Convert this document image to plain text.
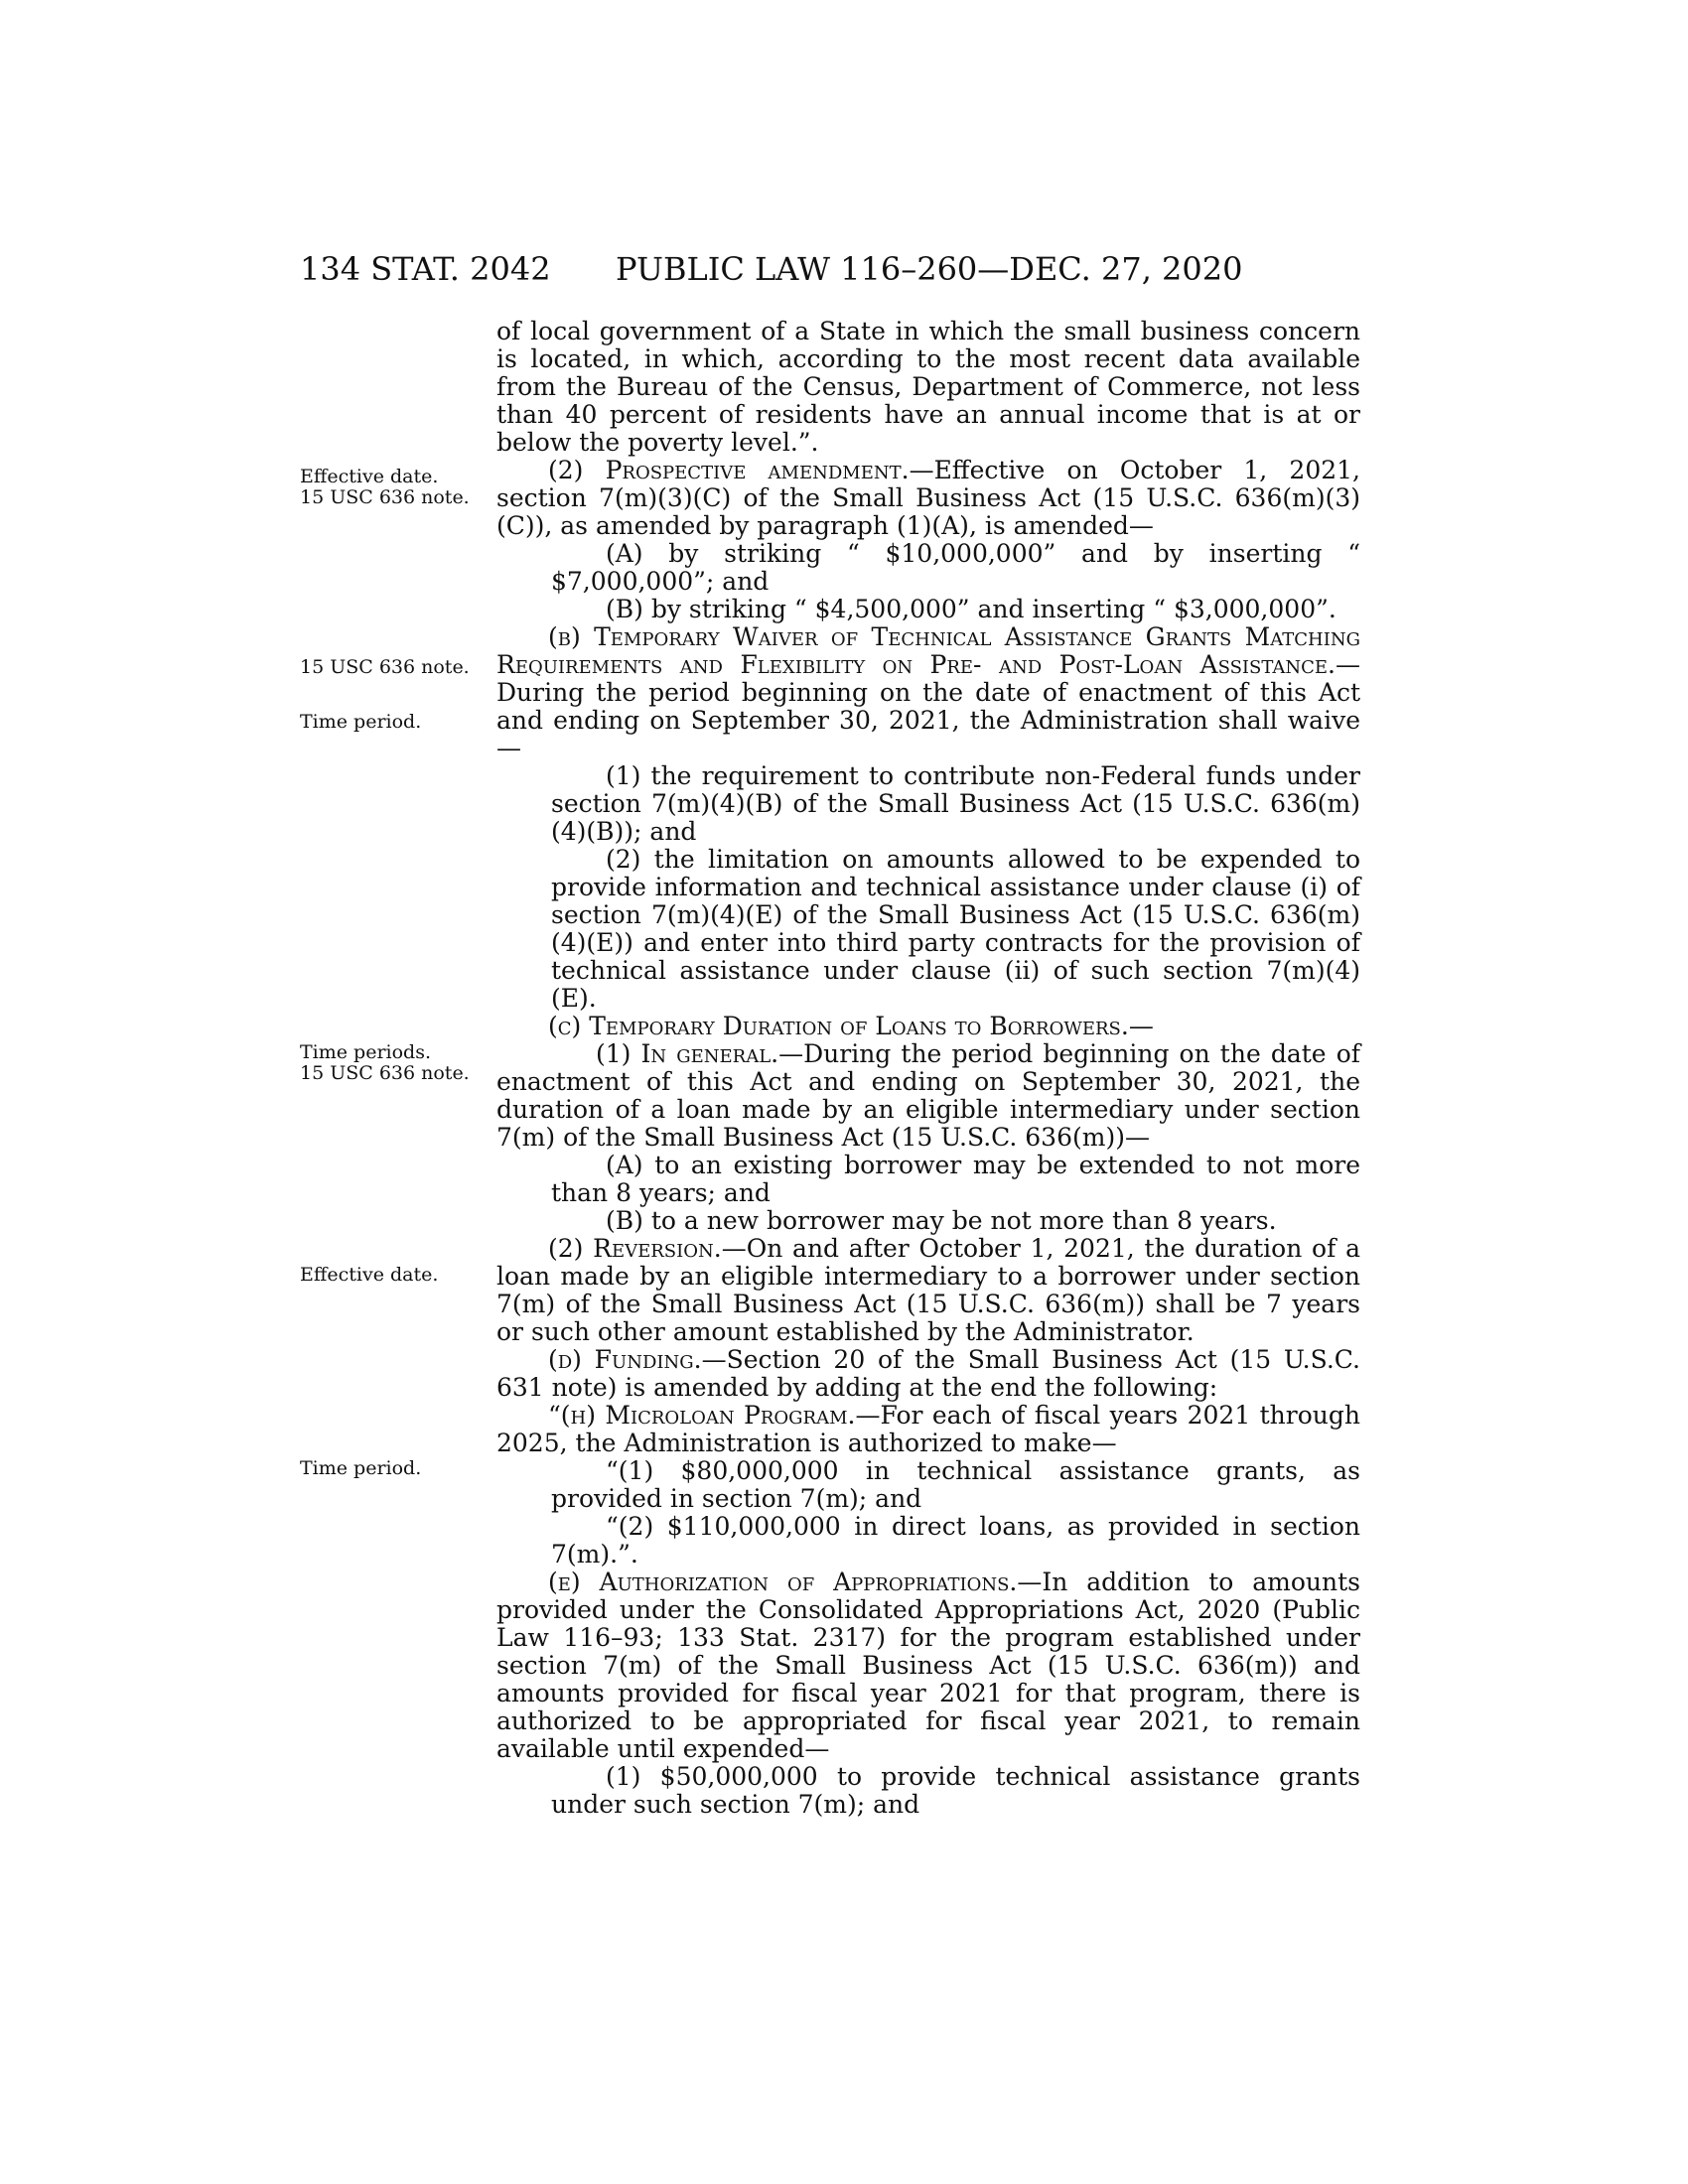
134 STAT. 2042 PUBLIC LAW 116–260—DEC. 27, 2020
Effective date.
15 USC 636 note.
15 USC 636 note.
Time period.
Time periods.
15 USC 636 note.
Effective date.
Time period.

of local government of a State in which the small business concern is located, in which, according to the most recent data available from the Bureau of the Census, Department of Commerce, not less than 40 percent of residents have an annual income that is at or below the poverty level.”.

(2) Prospective amendment.—Effective on October 1, 2021, section 7(m)(3)(C) of the Small Business Act (15 U.S.C. 636(m)(3)(C)), as amended by paragraph (1)(A), is amended—

(A) by striking “ $10,000,000” and by inserting “ $7,000,000”; and

(B) by striking “ $4,500,000” and inserting “ $3,000,000”.

(b) Temporary Waiver of Technical Assistance Grants Matching Requirements and Flexibility on Pre- and Post-Loan Assistance.—During the period beginning on the date of enactment of this Act and ending on September 30, 2021, the Administration shall waive—

(1) the requirement to contribute non-Federal funds under section 7(m)(4)(B) of the Small Business Act (15 U.S.C. 636(m)(4)(B)); and

(2) the limitation on amounts allowed to be expended to provide information and technical assistance under clause (i) of section 7(m)(4)(E) of the Small Business Act (15 U.S.C. 636(m)(4)(E)) and enter into third party contracts for the provision of technical assistance under clause (ii) of such section 7(m)(4)(E).

(c) Temporary Duration of Loans to Borrowers.—

(1) In general.—During the period beginning on the date of enactment of this Act and ending on September 30, 2021, the duration of a loan made by an eligible intermediary under section 7(m) of the Small Business Act (15 U.S.C. 636(m))—

(A) to an existing borrower may be extended to not more than 8 years; and

(B) to a new borrower may be not more than 8 years.

(2) Reversion.—On and after October 1, 2021, the duration of a loan made by an eligible intermediary to a borrower under section 7(m) of the Small Business Act (15 U.S.C. 636(m)) shall be 7 years or such other amount established by the Administrator.

(d) Funding.—Section 20 of the Small Business Act (15 U.S.C. 631 note) is amended by adding at the end the following:

“(h) Microloan Program.—For each of fiscal years 2021 through 2025, the Administration is authorized to make—

“(1) $80,000,000 in technical assistance grants, as provided in section 7(m); and

“(2) $110,000,000 in direct loans, as provided in section 7(m).”.

(e) Authorization of Appropriations.—In addition to amounts provided under the Consolidated Appropriations Act, 2020 (Public Law 116–93; 133 Stat. 2317) for the program established under section 7(m) of the Small Business Act (15 U.S.C. 636(m)) and amounts provided for fiscal year 2021 for that program, there is authorized to be appropriated for fiscal year 2021, to remain available until expended—

(1) $50,000,000 to provide technical assistance grants under such section 7(m); and
